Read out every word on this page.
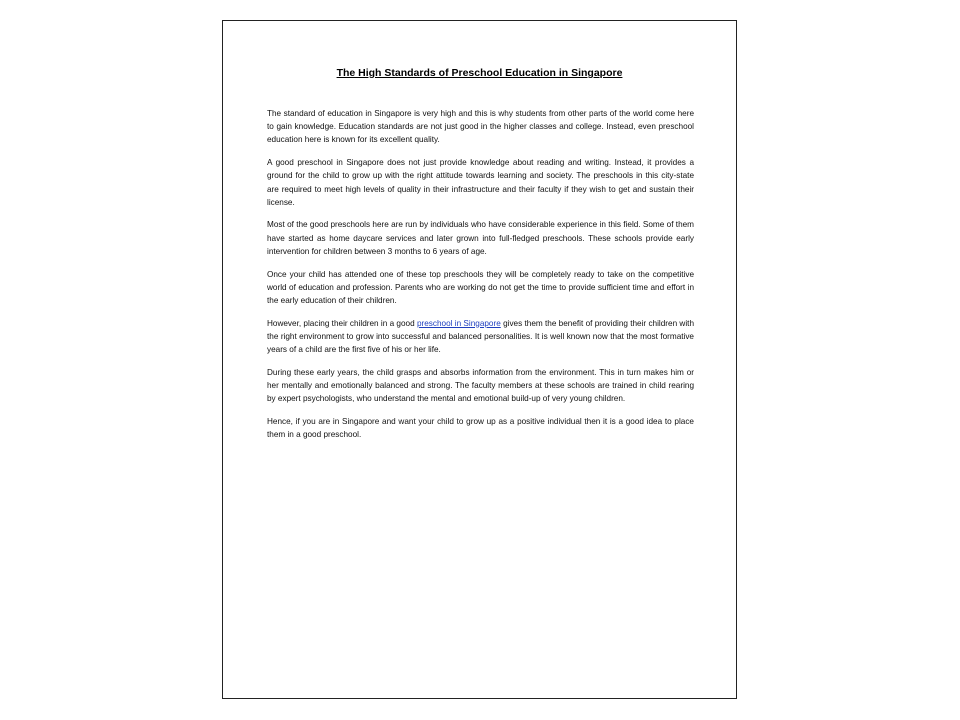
The High Standards of Preschool Education in Singapore

The standard of education in Singapore is very high and this is why students from other parts of the world come here to gain knowledge. Education standards are not just good in the higher classes and college. Instead, even preschool education here is known for its excellent quality.

A good preschool in Singapore does not just provide knowledge about reading and writing. Instead, it provides a ground for the child to grow up with the right attitude towards learning and society. The preschools in this city-state are required to meet high levels of quality in their infrastructure and their faculty if they wish to get and sustain their license.

Most of the good preschools here are run by individuals who have considerable experience in this field. Some of them have started as home daycare services and later grown into full-fledged preschools. These schools provide early intervention for children between 3 months to 6 years of age.

Once your child has attended one of these top preschools they will be completely ready to take on the competitive world of education and profession. Parents who are working do not get the time to provide sufficient time and effort in the early education of their children.

However, placing their children in a good preschool in Singapore gives them the benefit of providing their children with the right environment to grow into successful and balanced personalities. It is well known now that the most formative years of a child are the first five of his or her life.

During these early years, the child grasps and absorbs information from the environment. This in turn makes him or her mentally and emotionally balanced and strong. The faculty members at these schools are trained in child rearing by expert psychologists, who understand the mental and emotional build-up of very young children.

Hence, if you are in Singapore and want your child to grow up as a positive individual then it is a good idea to place them in a good preschool.
